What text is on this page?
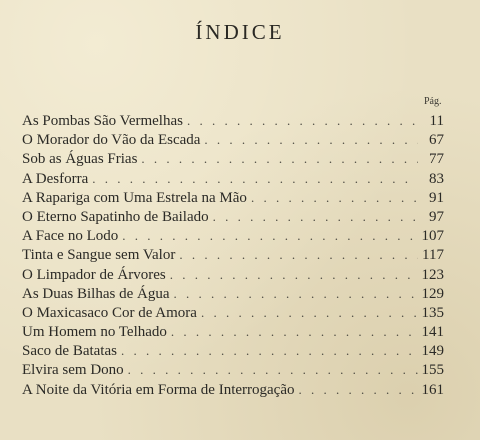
ÍNDICE
Pág.
As Pombas São Vermelhas . . .	11
O Morador do Vão da Escada . . .	67
Sob as Águas Frias . . .	77
A Desforra . . .	83
A Rapariga com Uma Estrela na Mão . . .	91
O Eterno Sapatinho de Bailado . . .	97
A Face no Lodo . . .	107
Tinta e Sangue sem Valor . . .	117
O Limpador de Árvores . . .	123
As Duas Bilhas de Água . . .	129
O Maxicasaco Cor de Amora . . .	135
Um Homem no Telhado . . .	141
Saco de Batatas . . .	149
Elvira sem Dono . . .	155
A Noite da Vitória em Forma de Interrogação . . .	161
